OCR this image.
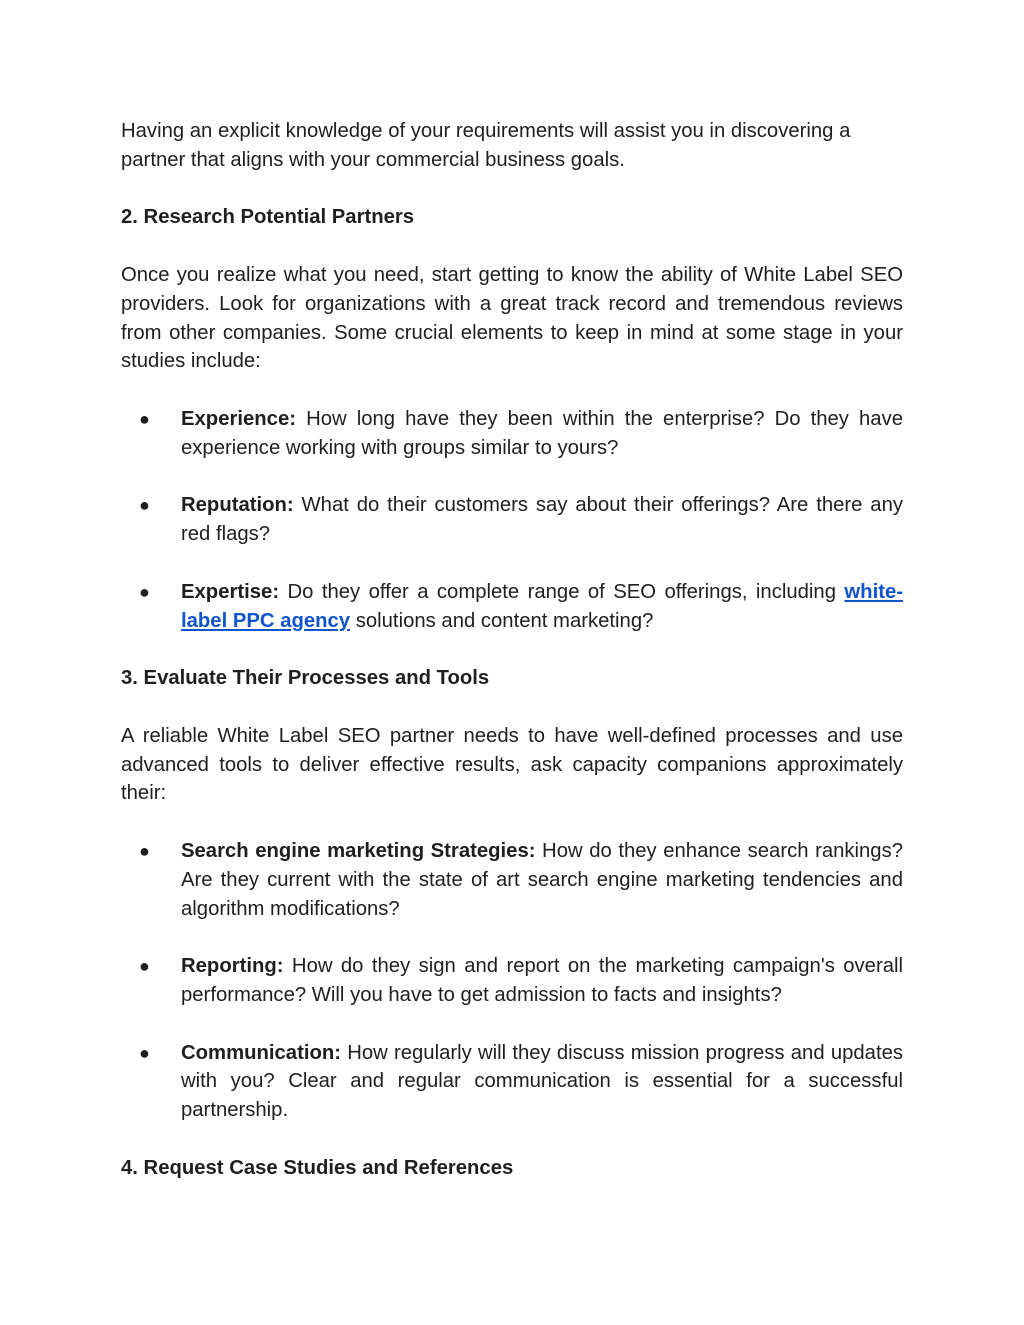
Having an explicit knowledge of your requirements will assist you in discovering a partner that aligns with your commercial business goals.

2. Research Potential Partners

Once you realize what you need, start getting to know the ability of White Label SEO providers. Look for organizations with a great track record and tremendous reviews from other companies. Some crucial elements to keep in mind at some stage in your studies include:

● Experience: How long have they been within the enterprise? Do they have experience working with groups similar to yours?
● Reputation: What do their customers say about their offerings? Are there any red flags?
● Expertise: Do they offer a complete range of SEO offerings, including white-label PPC agency solutions and content marketing?
3. Evaluate Their Processes and Tools

A reliable White Label SEO partner needs to have well-defined processes and use advanced tools to deliver effective results, ask capacity companions approximately their:

● Search engine marketing Strategies: How do they enhance search rankings? Are they current with the state of art search engine marketing tendencies and algorithm modifications?
● Reporting: How do they sign and report on the marketing campaign's overall performance? Will you have to get admission to facts and insights?
● Communication: How regularly will they discuss mission progress and updates with you? Clear and regular communication is essential for a successful partnership.
4. Request Case Studies and References
